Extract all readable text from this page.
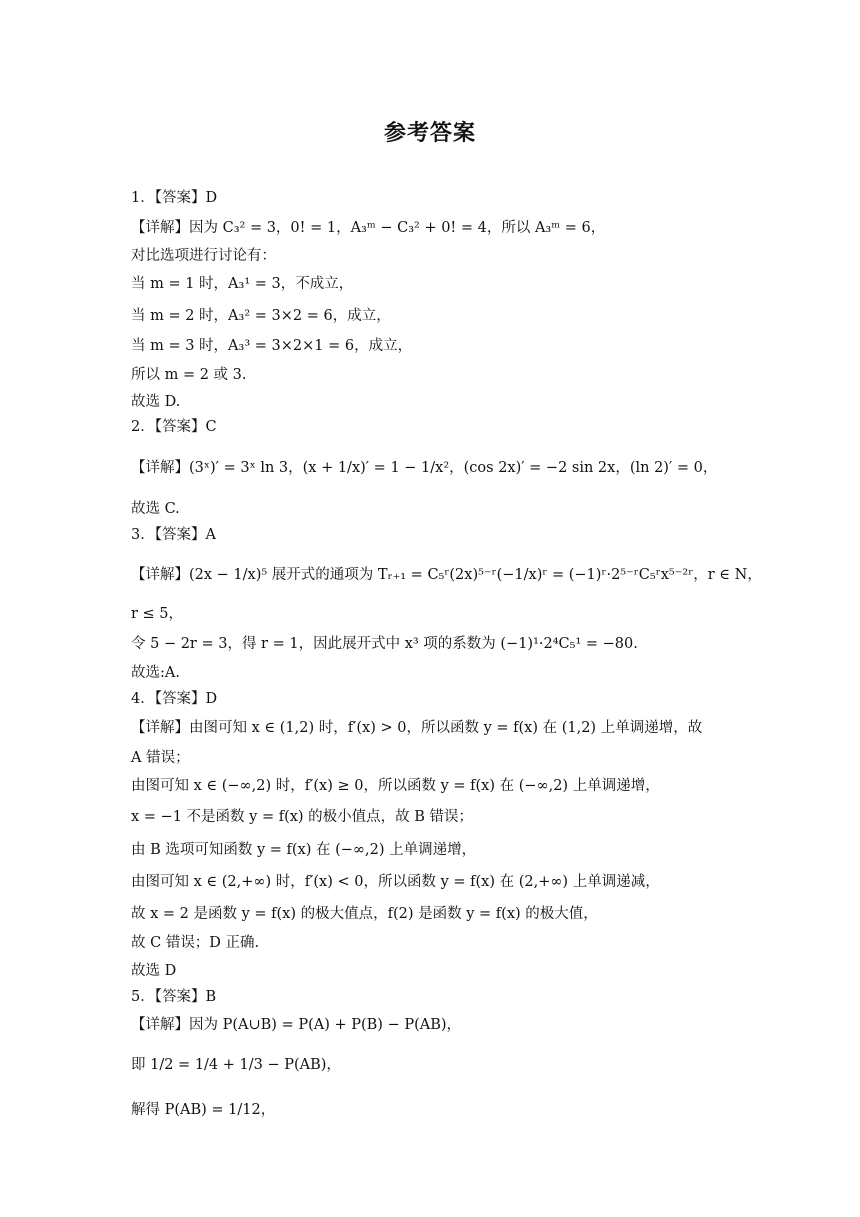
参考答案
1．【答案】D
【详解】因为 C₃² = 3，0! = 1，A₃ᵐ − C₃² + 0! = 4，所以 A₃ᵐ = 6，
对比选项进行讨论有：
当 m = 1 时，A₃¹ = 3，不成立，
当 m = 2 时，A₃² = 3×2 = 6，成立，
当 m = 3 时，A₃³ = 3×2×1 = 6，成立，
所以 m = 2 或 3.
故选 D.
2．【答案】C
【详解】(3ˣ)′ = 3ˣ ln 3，(x + 1/x)′ = 1 − 1/x²，(cos 2x)′ = −2 sin 2x，(ln 2)′ = 0，
故选 C.
3．【答案】A
【详解】(2x − 1/x)⁵ 展开式的通项为 Tᵣ₊₁ = C₅ʳ(2x)⁵⁻ʳ(−1/x)ʳ = (−1)ʳ·2⁵⁻ʳC₅ʳx⁵⁻²ʳ，r ∈ N，
r ≤ 5，
令 5 − 2r = 3，得 r = 1，因此展开式中 x³ 项的系数为 (−1)¹·2⁴C₅¹ = −80.
故选:A.
4．【答案】D
【详解】由图可知 x ∈ (1,2) 时，f′(x) > 0，所以函数 y = f(x) 在 (1,2) 上单调递增，故
A 错误；
由图可知 x ∈ (−∞,2) 时，f′(x) ≥ 0，所以函数 y = f(x) 在 (−∞,2) 上单调递增，
x = −1 不是函数 y = f(x) 的极小值点，故 B 错误；
由 B 选项可知函数 y = f(x) 在 (−∞,2) 上单调递增，
由图可知 x ∈ (2,+∞) 时，f′(x) < 0，所以函数 y = f(x) 在 (2,+∞) 上单调递减，
故 x = 2 是函数 y = f(x) 的极大值点，f(2) 是函数 y = f(x) 的极大值，
故 C 错误；D 正确.
故选 D
5．【答案】B
【详解】因为 P(A∪B) = P(A) + P(B) − P(AB)，
即 1/2 = 1/4 + 1/3 − P(AB)，
解得 P(AB) = 1/12，
